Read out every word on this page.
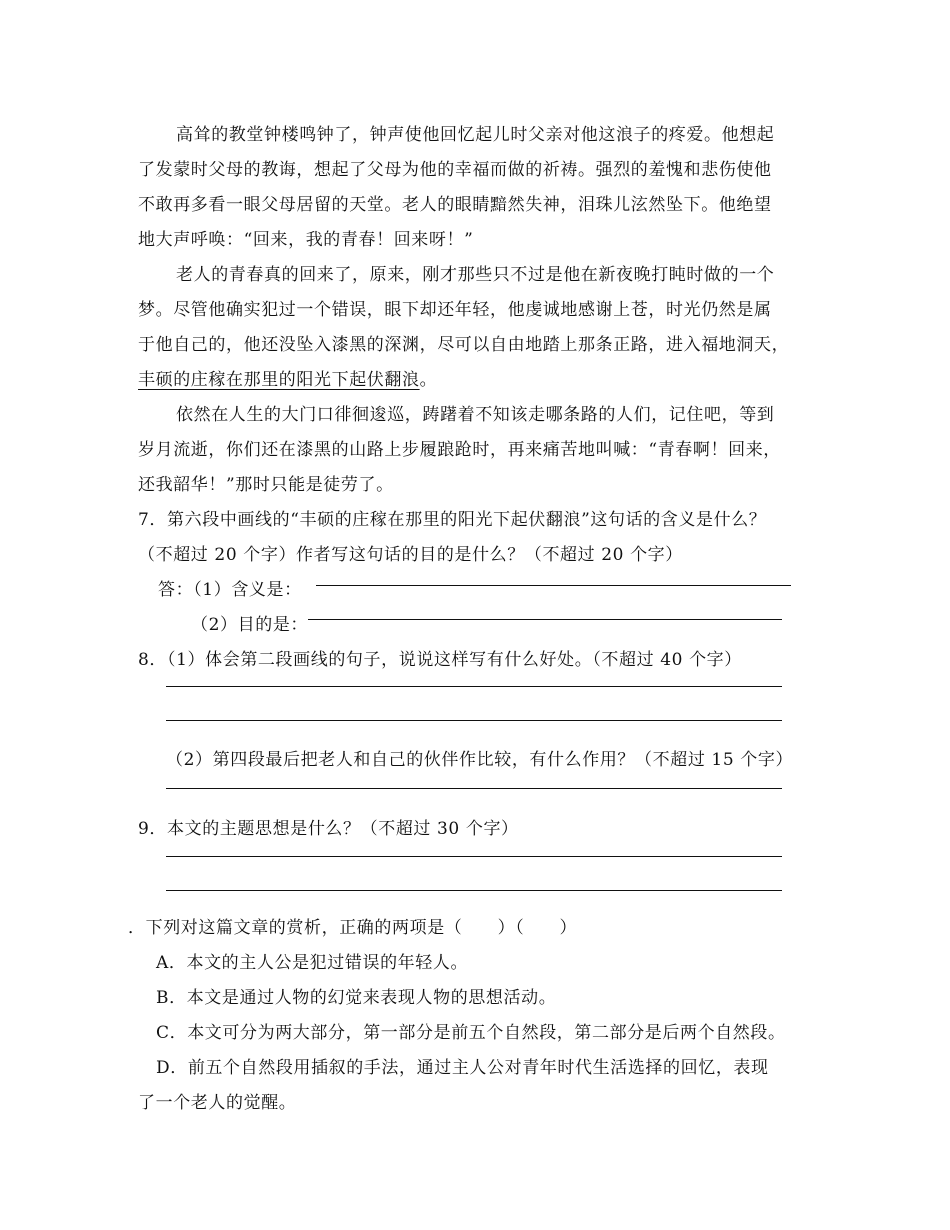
高耸的教堂钟楼鸣钟了，钟声使他回忆起儿时父亲对他这浪子的疼爱。他想起
了发蒙时父母的教诲，想起了父母为他的幸福而做的祈祷。强烈的羞愧和悲伤使他
不敢再多看一眼父母居留的天堂。老人的眼睛黯然失神，泪珠儿泫然坠下。他绝望
地大声呼唤：“回来，我的青春！回来呀！”
老人的青春真的回来了，原来，刚才那些只不过是他在新夜晚打盹时做的一个
梦。尽管他确实犯过一个错误，眼下却还年轻，他虔诚地感谢上苍，时光仍然是属
于他自己的，他还没坠入漆黑的深渊，尽可以自由地踏上那条正路，进入福地洞天，
丰硕的庄稼在那里的阳光下起伏翻浪。
依然在人生的大门口徘徊逡巡，踌躇着不知该走哪条路的人们，记住吧，等到
岁月流逝，你们还在漆黑的山路上步履踉跄时，再来痛苦地叫喊：“青春啊！回来，
还我韶华！”那时只能是徒劳了。
7．第六段中画线的“丰硕的庄稼在那里的阳光下起伏翻浪”这句话的含义是什么？
（不超过 20 个字）作者写这句话的目的是什么？（不超过 20 个字）
答：（1）含义是：
（2）目的是：
8．（1）体会第二段画线的句子，说说这样写有什么好处。（不超过 40 个字）
（2）第四段最后把老人和自己的伙伴作比较，有什么作用？（不超过 15 个字）
9．本文的主题思想是什么？（不超过 30 个字）
．下列对这篇文章的赏析，正确的两项是（　　）（　　）
A．本文的主人公是犯过错误的年轻人。
B．本文是通过人物的幻觉来表现人物的思想活动。
C．本文可分为两大部分，第一部分是前五个自然段，第二部分是后两个自然段。
D．前五个自然段用插叙的手法，通过主人公对青年时代生活选择的回忆，表现
了一个老人的觉醒。
